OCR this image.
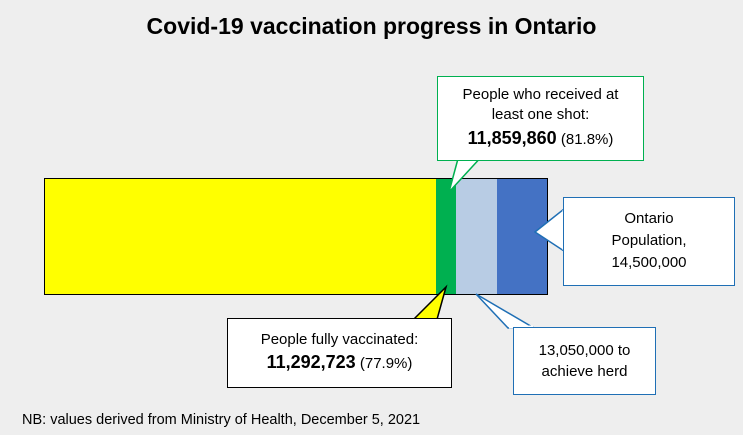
Covid-19 vaccination progress in Ontario
People who received at
least one shot:
11,859,860 (81.8%)
Ontario
Population,
14,500,000
People fully vaccinated:
11,292,723 (77.9%)
13,050,000 to
achieve herd
NB: values derived from Ministry of Health, December 5, 2021
